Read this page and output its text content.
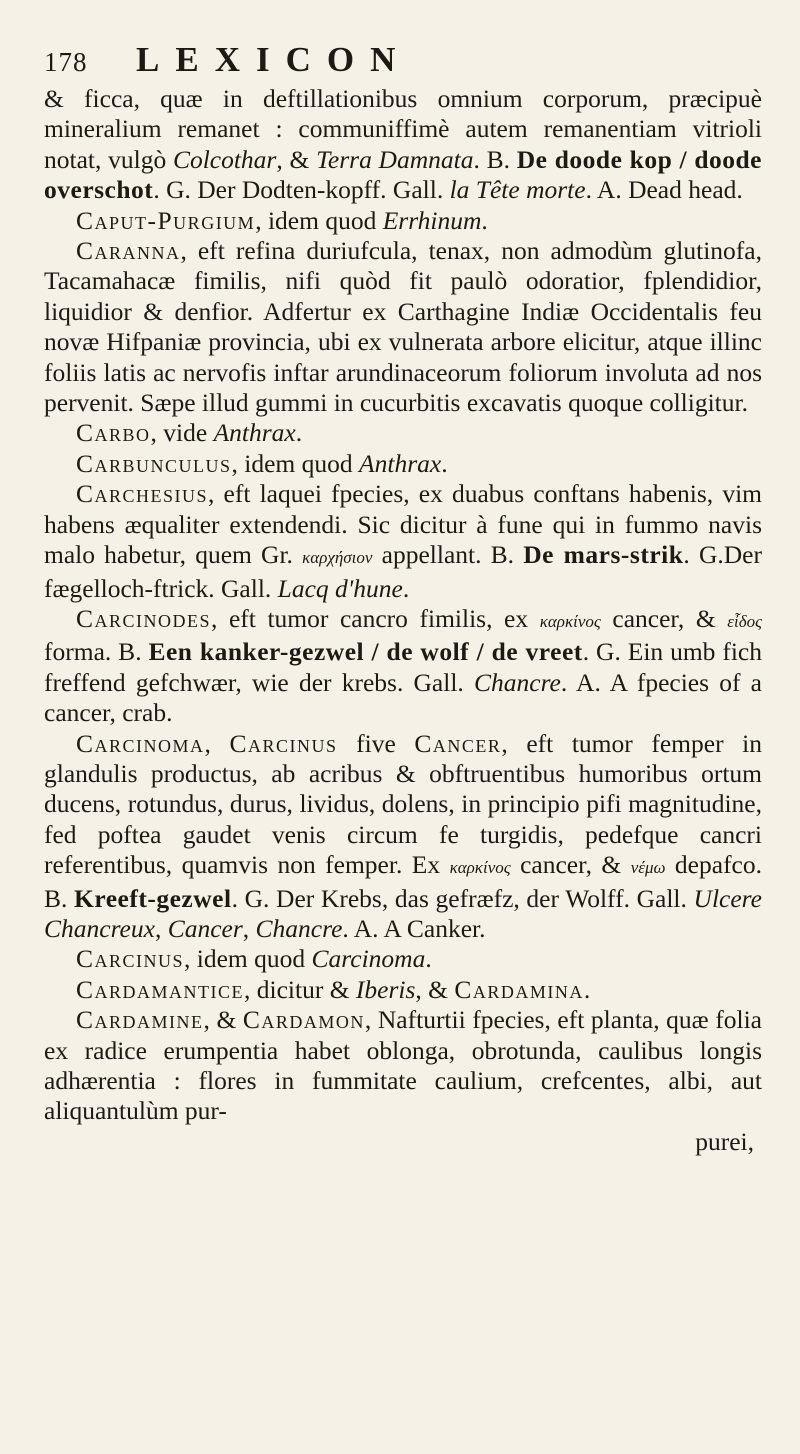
178	LEXICON

& ficca, quæ in deftillationibus omnium corporum, præcipuè mineralium remanet : communiffimè autem remanentiam vitrioli notat, vulgò Colcothar, & Terra Damnata. B. De doode kop / doode overschot. G. Der Dodten-kopff. Gall. la Tête morte. A. Dead head.

Caput-Purgium, idem quod Errhinum.

Caranna, eft refina duriufcula, tenax, non admodùm glutinofa, Tacamahacæ fimilis, nifi quòd fit paulò odoratior, fplendidior, liquidior & denfior. Adfertur ex Carthagine Indiæ Occidentalis feu novæ Hifpaniæ provincia, ubi ex vulnerata arbore elicitur, atque illinc foliis latis ac nervofis inftar arundinaceorum foliorum involuta ad nos pervenit. Sæpe illud gummi in cucurbitis excavatis quoque colligitur.

Carbo, vide Anthrax.

Carbunculus, idem quod Anthrax.

Carchesius, eft laquei fpecies, ex duabus conftans habenis, vim habens æqualiter extendendi. Sic dicitur à fune qui in fummo navis malo habetur, quem Gr. καρχήσιον appellant. B. De mars-strik. G.Der fægelloch-ftrick. Gall. Lacq d'hune.

Carcinodes, eft tumor cancro fimilis, ex καρκίνος cancer, & εἶδος forma. B. Een kanker-gezwel / de wolf / de vreet. G. Ein umb fich freffend gefchwær, wie der krebs. Gall. Chancre. A. A fpecies of a cancer, crab.

Carcinoma, Carcinus five Cancer, eft tumor femper in glandulis productus, ab acribus & obftruentibus humoribus ortum ducens, rotundus, durus, lividus, dolens, in principio pifi magnitudine, fed poftea gaudet venis circum fe turgidis, pedefque cancri referentibus, quamvis non femper. Ex καρκίνος cancer, & νέμω depafco. B. Kreeft-gezwel. G. Der Krebs, das gefræfz, der Wolff. Gall. Ulcere Chancreux, Cancer, Chancre. A. A Canker.

Carcinus, idem quod Carcinoma.

Cardamantice, dicitur & Iberis, & Cardamina.

Cardamine, & Cardamon, Nafturtii fpecies, eft planta, quæ folia ex radice erumpentia habet oblonga, obrotunda, caulibus longis adhærentia : flores in fummitate caulium, crefcentes, albi, aut aliquantulùm pur-

purei,
